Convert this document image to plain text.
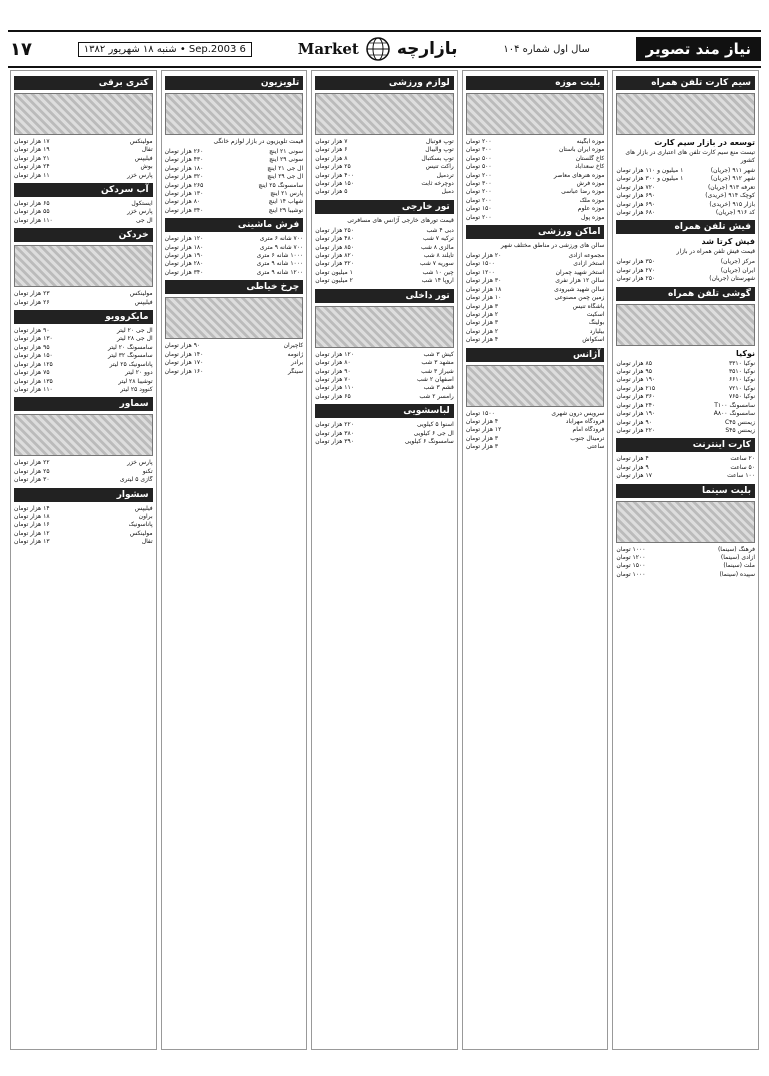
۱۷	شنبه ۱۸ شهریور ۱۳۸۲ • Sep.2003 6	Market بازارچه	سال اول شماره ۱۰۴	نیاز مند تصویر
سیم کارت تلفن همراه
توسعه در بازار سیم کارت
تیست منع سیم کارت تلفن های اعتباری در بازار های کشور
شهر ۹۱۱ (جریان)
۱ میلیون و ۱۱۰ هزار تومان
شهر ۹۱۲ (جریان)
۱ میلیون و ۳۰۰ هزار تومان
تعرفه ۹۱۳ (جریان)
۷۲۰ هزار تومان
کوچک ۹۱۴ (خریدی)
۶۹۰ هزار تومان
بازار ۹۱۵ (خریدی)
۶۹۰ هزار تومان
کد ۹۱۶ (جریان)
۶۸۰ هزار تومان
فیش تلفن همراه
فیش کرتا شد
قیمت فیش تلفن همراه در بازار
مرکز (جریان)
۳۵۰ هزار تومان
ایران (جریان)
۲۷۰ هزار تومان
شهرستان (جریان)
۲۵۰ هزار تومان
گوشی تلفن همراه
نوکیا
نوکیا ۳۳۱۰
۸۵ هزار تومان
نوکیا ۳۵۱۰
۹۵ هزار تومان
نوکیا ۶۶۱۰
۱۹۰ هزار تومان
نوکیا ۷۲۱۰
۲۱۵ هزار تومان
نوکیا ۷۶۵۰
۳۶۰ هزار تومان
سامسونگ T۱۰۰
۲۴۰ هزار تومان
سامسونگ A۸۰۰
۱۹۰ هزار تومان
زیمنس C۴۵
۹۰ هزار تومان
زیمنس S۴۵
۲۲۰ هزار تومان
کارت اینترنت
۲۰ ساعت
۴ هزار تومان
۵۰ ساعت
۹ هزار تومان
۱۰۰ ساعت
۱۷ هزار تومان
بلیت سینما
فرهنگ (سینما)
۱۰۰۰ تومان
آزادی (سینما)
۱۲۰۰ تومان
ملت (سینما)
۱۵۰۰ تومان
سپیده (سینما)
۱۰۰۰ تومان
بلیت موزه
موزه آبگینه
۲۰۰ تومان
موزه ایران باستان
۳۰۰ تومان
کاخ گلستان
۵۰۰ تومان
کاخ سعدآباد
۵۰۰ تومان
موزه هنرهای معاصر
۲۰۰ تومان
موزه فرش
۳۰۰ تومان
موزه رضا عباسی
۲۰۰ تومان
موزه ملک
۲۰۰ تومان
موزه علوم
۱۵۰ تومان
موزه پول
۲۰۰ تومان
اماکن ورزشی
سالن های ورزشی در مناطق مختلف شهر
مجموعه آزادی
۲۰ هزار تومان
استخر آزادی
۱۵۰۰ تومان
استخر شهید چمران
۱۲۰۰ تومان
سالن ۱۲ هزار نفری
۳۰ هزار تومان
سالن شهید شیرودی
۱۸ هزار تومان
زمین چمن مصنوعی
۱۰ هزار تومان
باشگاه تنیس
۳ هزار تومان
اسکیت
۲ هزار تومان
بولینگ
۳ هزار تومان
بیلیارد
۲ هزار تومان
اسکواش
۴ هزار تومان
آژانس
سرویس درون شهری
۱۵۰۰ تومان
فرودگاه مهرآباد
۴ هزار تومان
فرودگاه امام
۱۲ هزار تومان
ترمینال جنوب
۳ هزار تومان
ساعتی
۳ هزار تومان
لوازم ورزشی
توپ فوتبال
۷ هزار تومان
توپ والیبال
۶ هزار تومان
توپ بسکتبال
۸ هزار تومان
راکت تنیس
۲۵ هزار تومان
تردمیل
۴۰۰ هزار تومان
دوچرخه ثابت
۱۵۰ هزار تومان
دمبل
۵ هزار تومان
تور خارجی
قیمت تورهای خارجی آژانس های مسافرتی
دبی ۴ شب
۲۵۰ هزار تومان
ترکیه ۷ شب
۴۸۰ هزار تومان
مالزی ۸ شب
۸۵۰ هزار تومان
تایلند ۸ شب
۸۲۰ هزار تومان
سوریه ۷ شب
۳۲۰ هزار تومان
چین ۱۰ شب
۱ میلیون تومان
اروپا ۱۴ شب
۲ میلیون تومان
تور داخلی
کیش ۳ شب
۱۲۰ هزار تومان
مشهد ۳ شب
۸۰ هزار تومان
شیراز ۳ شب
۹۰ هزار تومان
اصفهان ۲ شب
۷۰ هزار تومان
قشم ۳ شب
۱۱۰ هزار تومان
رامسر ۲ شب
۶۵ هزار تومان
لباسشویی
اسنوا ۵ کیلویی
۲۲۰ هزار تومان
ال جی ۶ کیلویی
۳۸۰ هزار تومان
سامسونگ ۶ کیلویی
۳۹۰ هزار تومان
تلویزیون
قیمت تلویزیون در بازار لوازم خانگی
سونی ۲۱ اینچ
۲۶۰ هزار تومان
سونی ۲۹ اینچ
۴۳۰ هزار تومان
ال جی ۲۱ اینچ
۱۸۰ هزار تومان
ال جی ۲۹ اینچ
۳۲۰ هزار تومان
سامسونگ ۲۵ اینچ
۲۶۵ هزار تومان
پارس ۲۱ اینچ
۱۳۰ هزار تومان
شهاب ۱۴ اینچ
۸۰ هزار تومان
توشیبا ۲۹ اینچ
۳۴۰ هزار تومان
فرش ماشینی
۷۰۰ شانه ۶ متری
۱۲۰ هزار تومان
۷۰۰ شانه ۹ متری
۱۸۰ هزار تومان
۱۰۰۰ شانه ۶ متری
۱۹۰ هزار تومان
۱۰۰۰ شانه ۹ متری
۲۸۰ هزار تومان
۱۲۰۰ شانه ۹ متری
۳۴۰ هزار تومان
چرخ خیاطی
کاچیران
۹۰ هزار تومان
ژانومه
۱۴۰ هزار تومان
برادر
۱۷۰ هزار تومان
سینگر
۱۶۰ هزار تومان
کتری برقی
مولینکس
۱۷ هزار تومان
تفال
۱۹ هزار تومان
فیلیپس
۲۱ هزار تومان
بوش
۲۴ هزار تومان
پارس خزر
۱۱ هزار تومان
آب سردکن
ایستکول
۶۵ هزار تومان
پارس خزر
۵۵ هزار تومان
ال جی
۱۱۰ هزار تومان
خردکن
مولینکس
۲۳ هزار تومان
فیلیپس
۲۶ هزار تومان
مایکروویو
ال جی ۲۰ لیتر
۹۰ هزار تومان
ال جی ۲۸ لیتر
۱۳۰ هزار تومان
سامسونگ ۲۰ لیتر
۹۵ هزار تومان
سامسونگ ۳۲ لیتر
۱۵۰ هزار تومان
پاناسونیک ۲۵ لیتر
۱۲۵ هزار تومان
دوو ۲۰ لیتر
۷۵ هزار تومان
توشیبا ۲۸ لیتر
۱۳۵ هزار تومان
کنوود ۲۵ لیتر
۱۱۰ هزار تومان
سماور
پارس خزر
۲۲ هزار تومان
تکنو
۲۵ هزار تومان
گازی ۵ لیتری
۳۰ هزار تومان
سشوار
فیلیپس
۱۴ هزار تومان
براون
۱۸ هزار تومان
پاناسونیک
۱۶ هزار تومان
مولینکس
۱۲ هزار تومان
تفال
۱۳ هزار تومان
